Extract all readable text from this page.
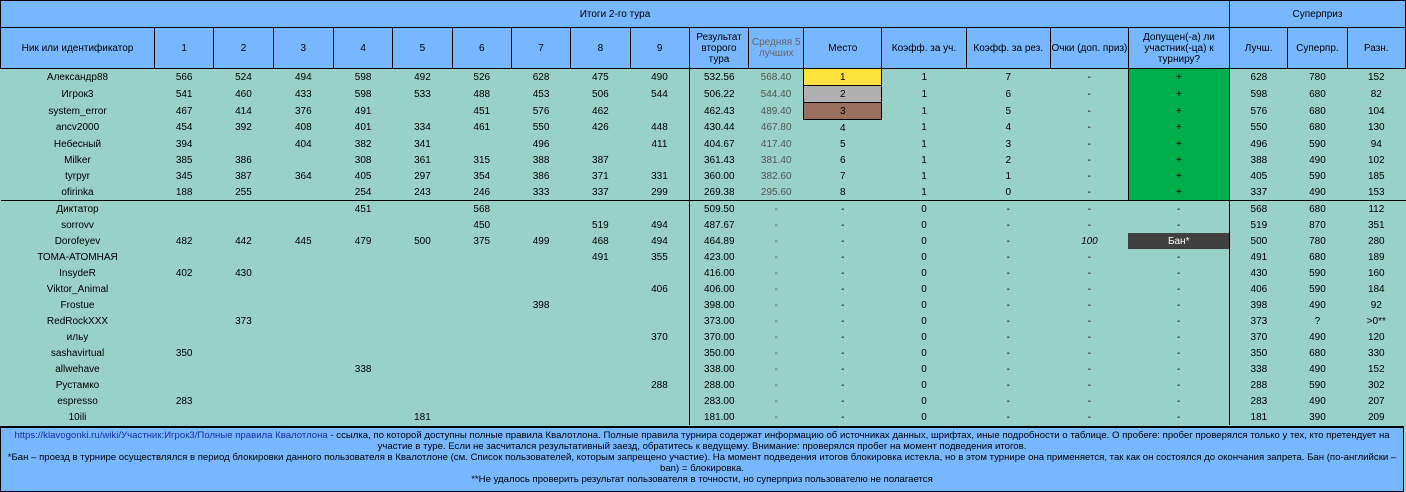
Итоги 2-го тура																	Суперприз		
Ник или идентификатор	1	2	3	4	5	6	7	8	9	Результат второго тура	Средняя 5 лучших	Место	Коэфф. за уч.	Коэфф. за рез.	Очки (доп. приз)	Допущен(-а) ли участник(-ца) к турниру?	Лучш.	Суперпр.	Разн.
Александр88	566	524	494	598	492	526	628	475	490	532.56	568.40	1	1	7	-	+	628	780	152
Игрок3	541	460	433	598	533	488	453	506	544	506.22	544.40	2	1	6	-	+	598	680	82
system_error	467	414	376	491		451	576	462		462.43	489.40	3	1	5	-	+	576	680	104
ancv2000	454	392	408	401	334	461	550	426	448	430.44	467.80	4	1	4	-	+	550	680	130
Небесный	394		404	382	341		496		411	404.67	417.40	5	1	3	-	+	496	590	94
Milker	385	386		308	361	315	388	387		361.43	381.40	6	1	2	-	+	388	490	102
tyrpyr	345	387	364	405	297	354	386	371	331	360.00	382.60	7	1	1	-	+	405	590	185
ofirinka	188	255		254	243	246	333	337	299	269.38	295.60	8	1	0	-	+	337	490	153
Диктатор				451		568				509.50	-	-	0	-	-	-	568	680	112
sorrovv						450		519	494	487.67	-	-	0	-	-	-	519	870	351
Dorofeyev	482	442	445	479	500	375	499	468	494	464.89	-	-	0	-	100	Бан*	500	780	280
ТОМА-АТОМНАЯ								491	355	423.00	-	-	0	-	-	-	491	680	189
InsydeR	402	430								416.00	-	-	0	-	-	-	430	590	160
Viktor_Animal									406	406.00	-	-	0	-	-	-	406	590	184
Frostue							398			398.00	-	-	0	-	-	-	398	490	92
RedRockXXX		373								373.00	-	-	0	-	-	-	373	?	>0**
ильу									370	370.00	-	-	0	-	-	-	370	490	120
sashavirtual	350									350.00	-	-	0	-	-	-	350	680	330
allwehave				338						338.00	-	-	0	-	-	-	338	490	152
Рустамко									288	288.00	-	-	0	-	-	-	288	590	302
espresso	283									283.00	-	-	0	-	-	-	283	490	207
10ili					181					181.00	-	-	0	-	-	-	181	390	209
https://klavogonki.ru/wiki/Участник:Игрок3/Полные правила Квалотлона - ссылка, по которой доступны полные правила Квалотлона. Полные правила турнира содержат информацию об источниках данных, шрифтах, иные подробности о таблице. О пробеге: пробег проверялся только у тех, кто претендует на участие в туре. Если не засчитался результативный заезд, обратитесь к ведущему. Внимание: проверялся пробег на момент подведения итогов.
*Бан – проезд в турнире осуществлялся в период блокировки данного пользователя в Квалотлоне (см. Список пользователей, которым запрещено участие). На момент подведения итогов блокировка истекла, но в этом турнире она применяется, так как он состоялся до окончания запрета. Бан (по-английски – ban) = блокировка.
**Не удалось проверить результат пользователя в точности, но суперприз пользователю не полагается
